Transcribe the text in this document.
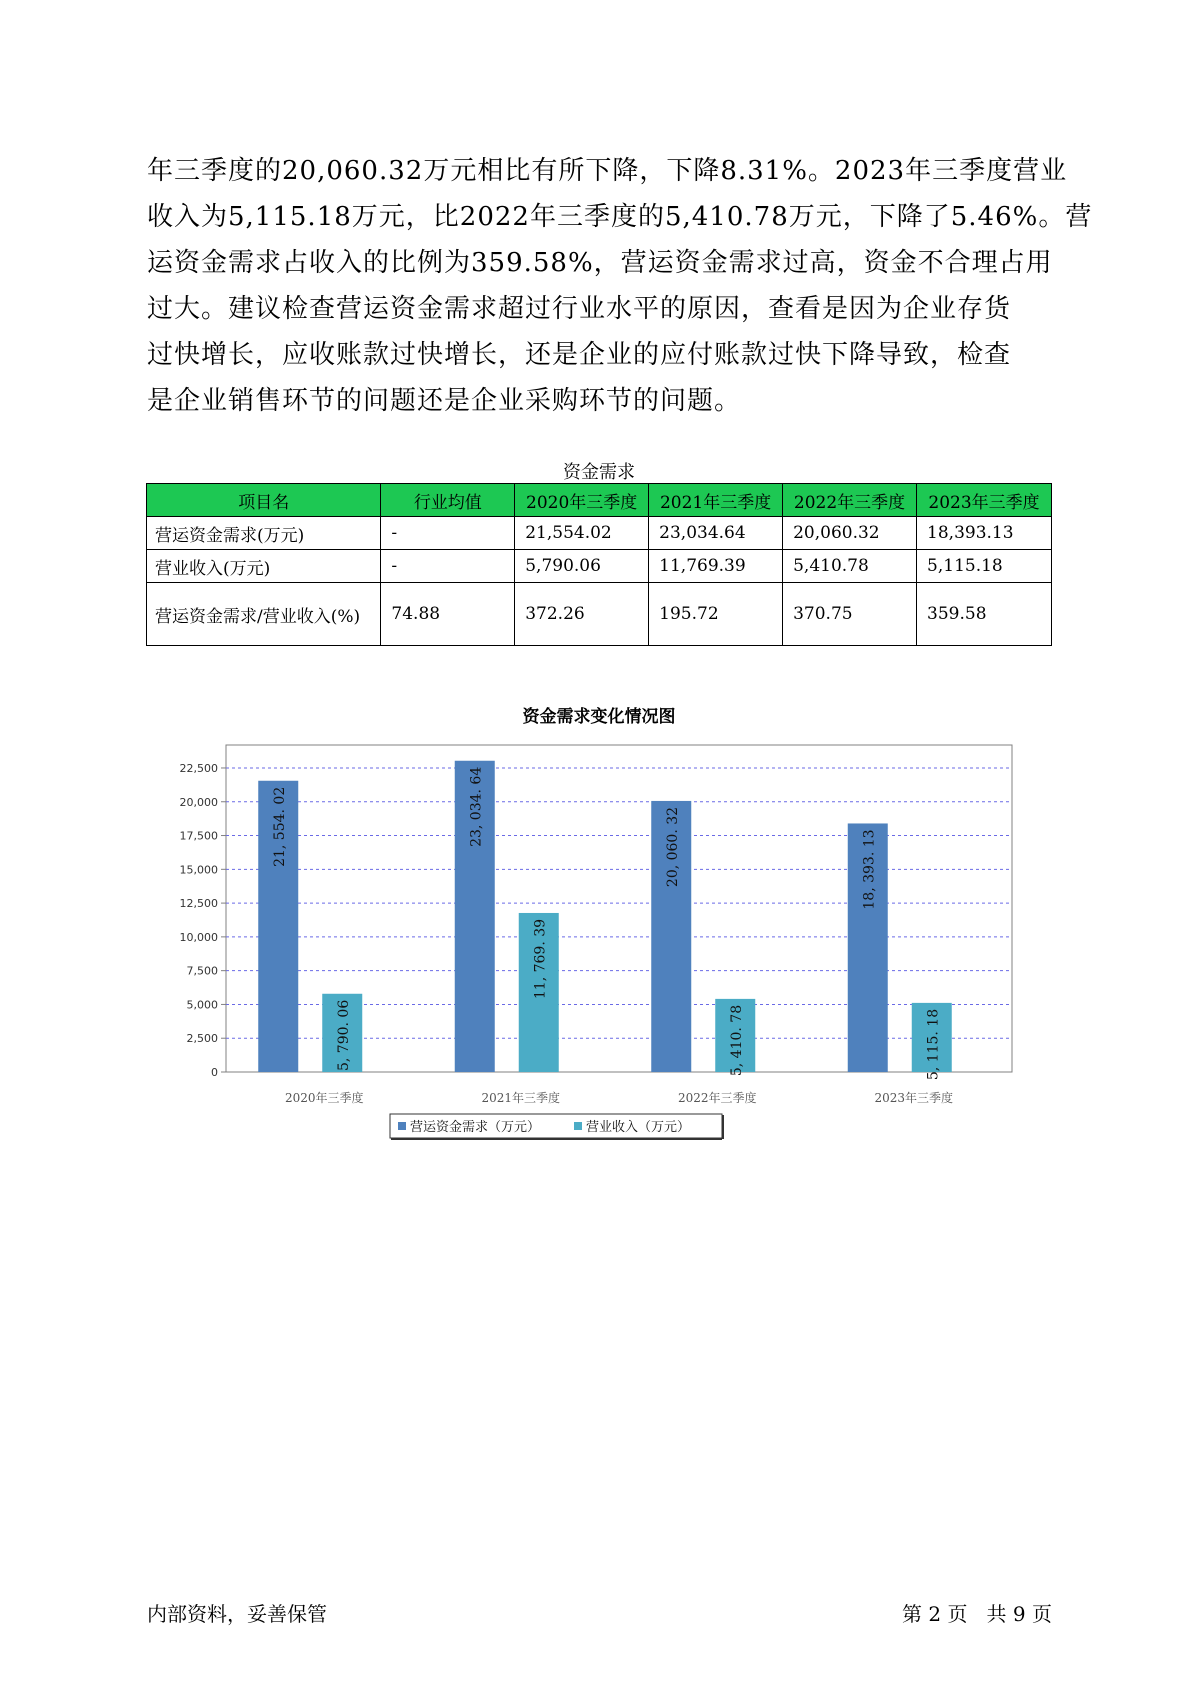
年三季度的20,060.32万元相比有所下降，下降8.31%。2023年三季度营业
收入为5,115.18万元，比2022年三季度的5,410.78万元，下降了5.46%。营
运资金需求占收入的比例为359.58%，营运资金需求过高，资金不合理占用
过大。建议检查营运资金需求超过行业水平的原因，查看是因为企业存货
过快增长，应收账款过快增长，还是企业的应付账款过快下降导致，检查
是企业销售环节的问题还是企业采购环节的问题。

资金需求
项目名	行业均值	2020年三季度	2021年三季度	2022年三季度	2023年三季度
营运资金需求(万元)	-	21,554.02	23,034.64	20,060.32	18,393.13
营业收入(万元)	-	5,790.06	11,769.39	5,410.78	5,115.18
营运资金需求/营业收入(%)	74.88	372.26	195.72	370.75	359.58
资金需求变化情况图
0
2,500
5,000
7,500
10,000
12,500
15,000
17,500
20,000
22,500
21, 554. 02
5, 790. 06
2020年三季度
23, 034. 64
11, 769. 39
2021年三季度
20, 060. 32
5, 410. 78
2022年三季度
18, 393. 13
5, 115. 18
2023年三季度
营运资金需求（万元）	营业收入（万元）
内部资料，妥善保管	第 2 页   共 9 页
